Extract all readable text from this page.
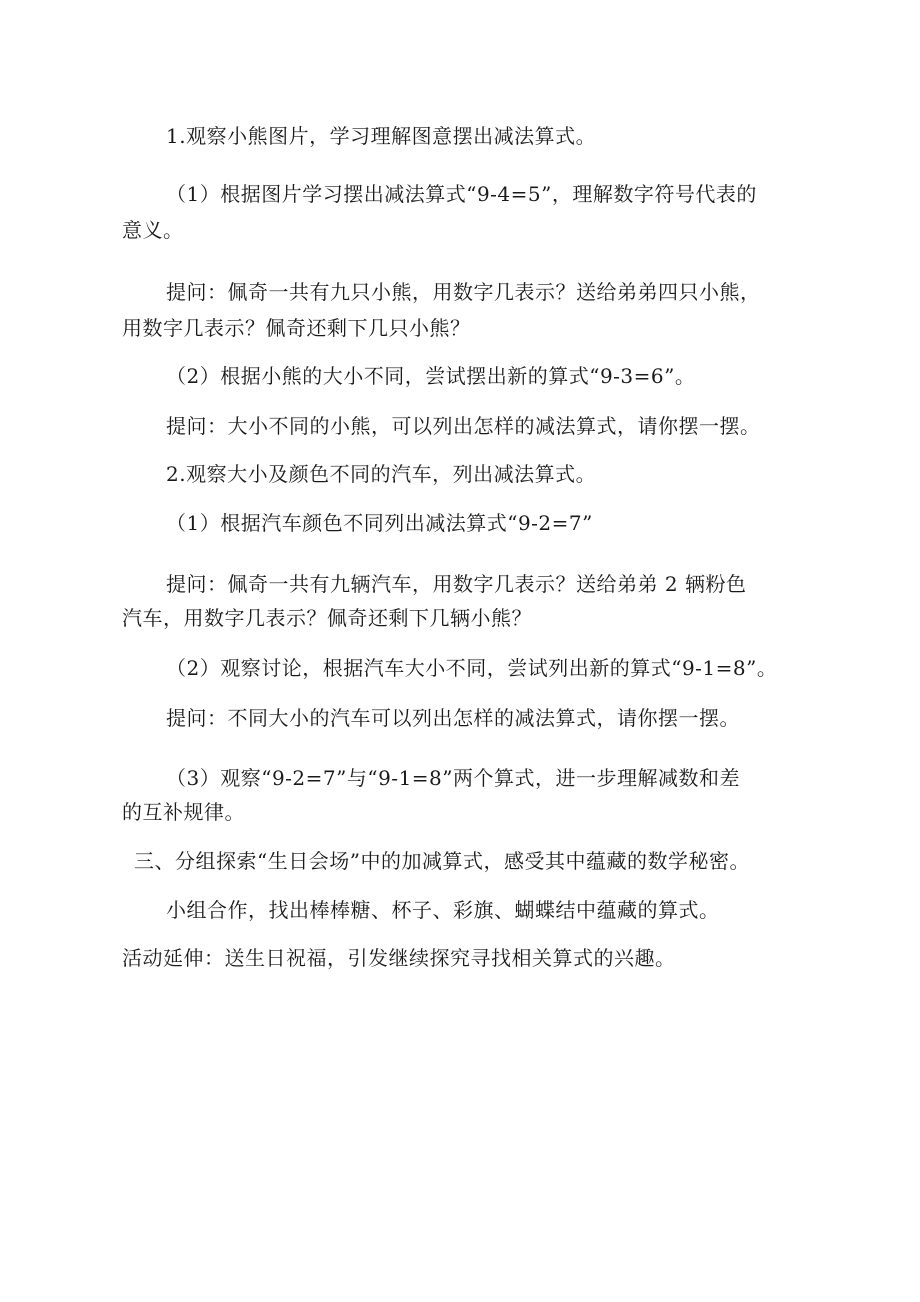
1.观察小熊图片，学习理解图意摆出减法算式。
（1）根据图片学习摆出减法算式“9-4=5”，理解数字符号代表的
意义。
提问：佩奇一共有九只小熊，用数字几表示？送给弟弟四只小熊，
用数字几表示？佩奇还剩下几只小熊？
（2）根据小熊的大小不同，尝试摆出新的算式“9-3=6”。
提问：大小不同的小熊，可以列出怎样的减法算式，请你摆一摆。
2.观察大小及颜色不同的汽车，列出减法算式。
（1）根据汽车颜色不同列出减法算式“9-2=7”
提问：佩奇一共有九辆汽车，用数字几表示？送给弟弟 2 辆粉色
汽车，用数字几表示？佩奇还剩下几辆小熊？
（2）观察讨论，根据汽车大小不同，尝试列出新的算式“9-1=8”。
提问：不同大小的汽车可以列出怎样的减法算式，请你摆一摆。
（3）观察“9-2=7”与“9-1=8”两个算式，进一步理解减数和差
的互补规律。
三、分组探索“生日会场”中的加减算式，感受其中蕴藏的数学秘密。
小组合作，找出棒棒糖、杯子、彩旗、蝴蝶结中蕴藏的算式。
活动延伸：送生日祝福，引发继续探究寻找相关算式的兴趣。
